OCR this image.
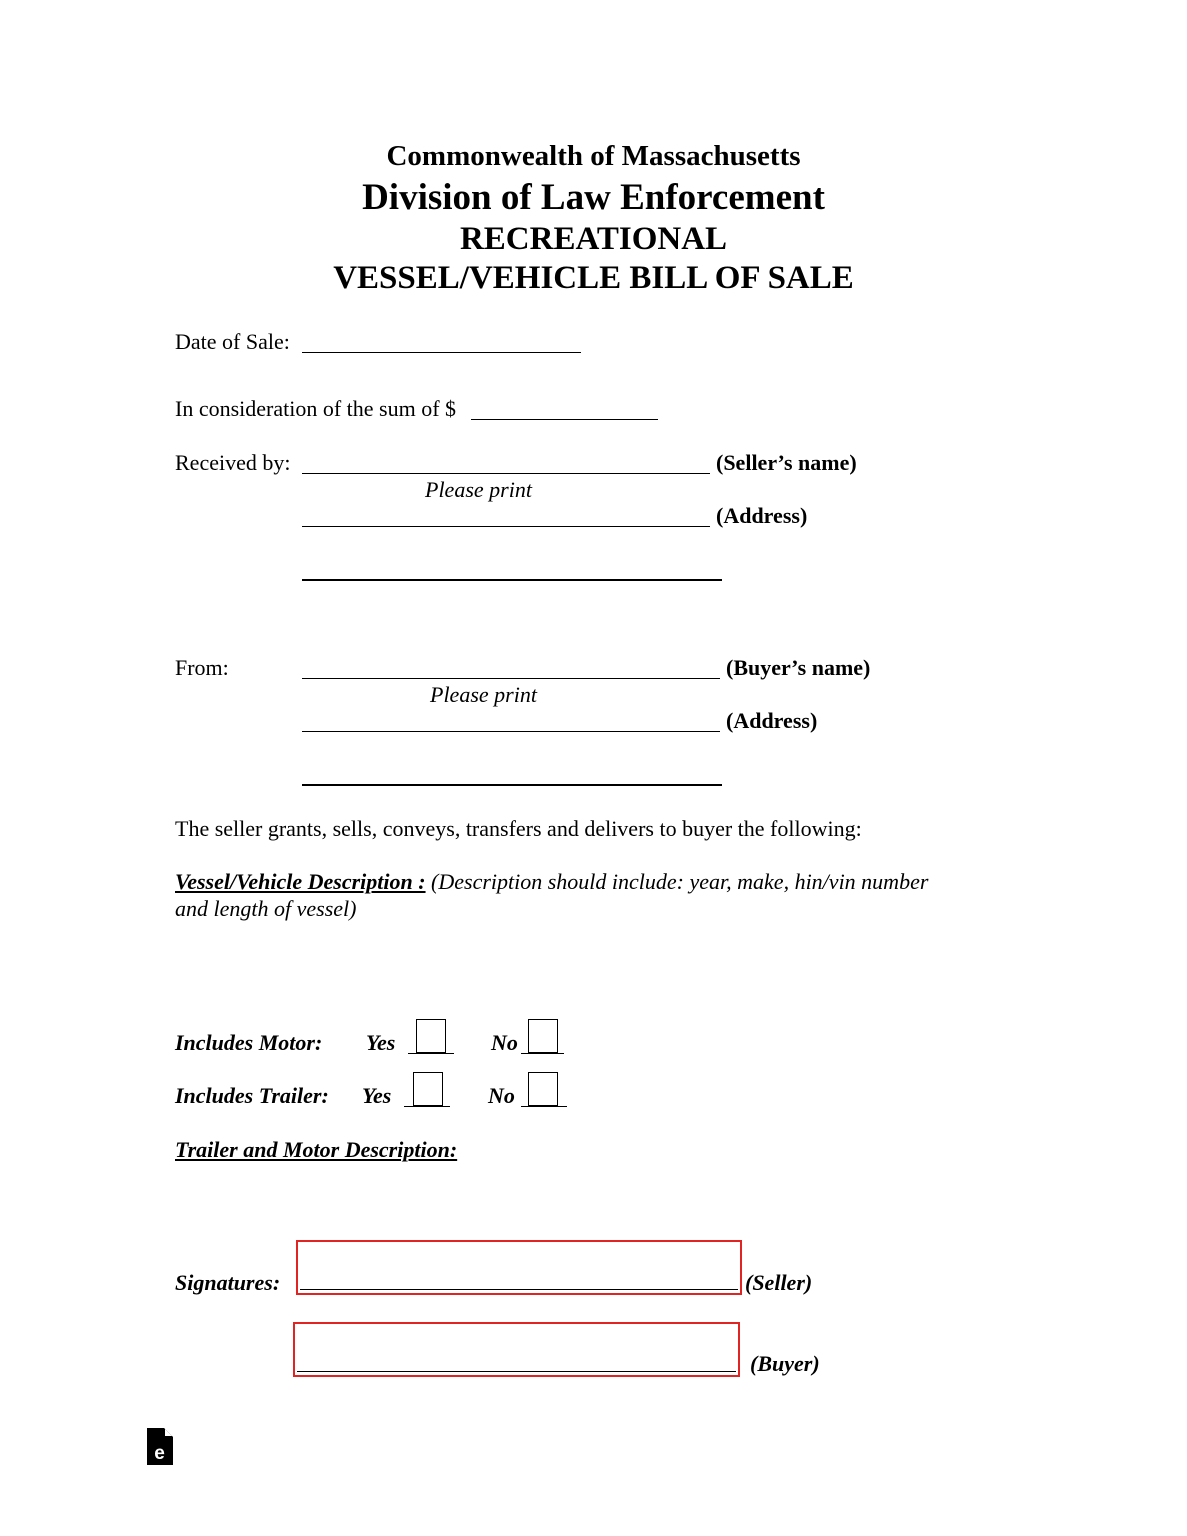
Commonwealth of Massachusetts
Division of Law Enforcement
RECREATIONAL
VESSEL/VEHICLE BILL OF SALE
Date of Sale:
In consideration of the sum of $
Received by:	(Seller’s name)
Please print
(Address)
From:	(Buyer’s name)
Please print
(Address)
The seller grants, sells, conveys, transfers and delivers to buyer the following:
Vessel/Vehicle Description : (Description should include: year, make, hin/vin number
and length of vessel)
Includes Motor: Yes	No
Includes Trailer: Yes	No
Trailer and Motor Description:
Signatures:	(Seller)
(Buyer)
e
